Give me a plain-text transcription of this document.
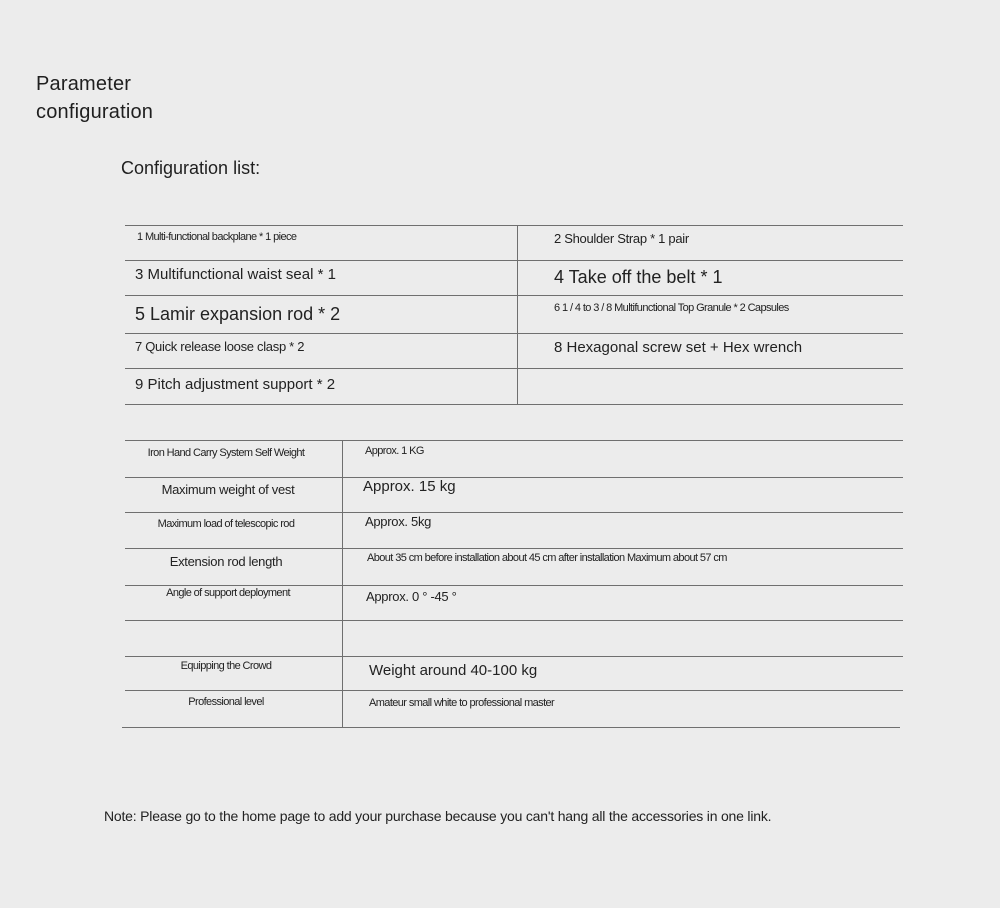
Parameter
configuration
Configuration list:
1 Multi-functional backplane * 1 piece	2 Shoulder Strap * 1 pair
3 Multifunctional waist seal * 1	4 Take off the belt * 1
5 Lamir expansion rod * 2	6 1 / 4 to 3 / 8 Multifunctional Top Granule * 2 Capsules
7 Quick release loose clasp * 2	8 Hexagonal screw set + Hex wrench
9 Pitch adjustment support * 2
Iron Hand Carry System Self Weight	Approx. 1 KG
Maximum weight of vest	Approx. 15 kg
Maximum load of telescopic rod	Approx. 5kg
Extension rod length	About 35 cm before installation about 45 cm after installation Maximum about 57 cm
Angle of support deployment	Approx. 0 ° -45 °
Equipping the Crowd	Weight around 40-100 kg
Professional level	Amateur small white to professional master
Note: Please go to the home page to add your purchase because you can't hang all the accessories in one link.
